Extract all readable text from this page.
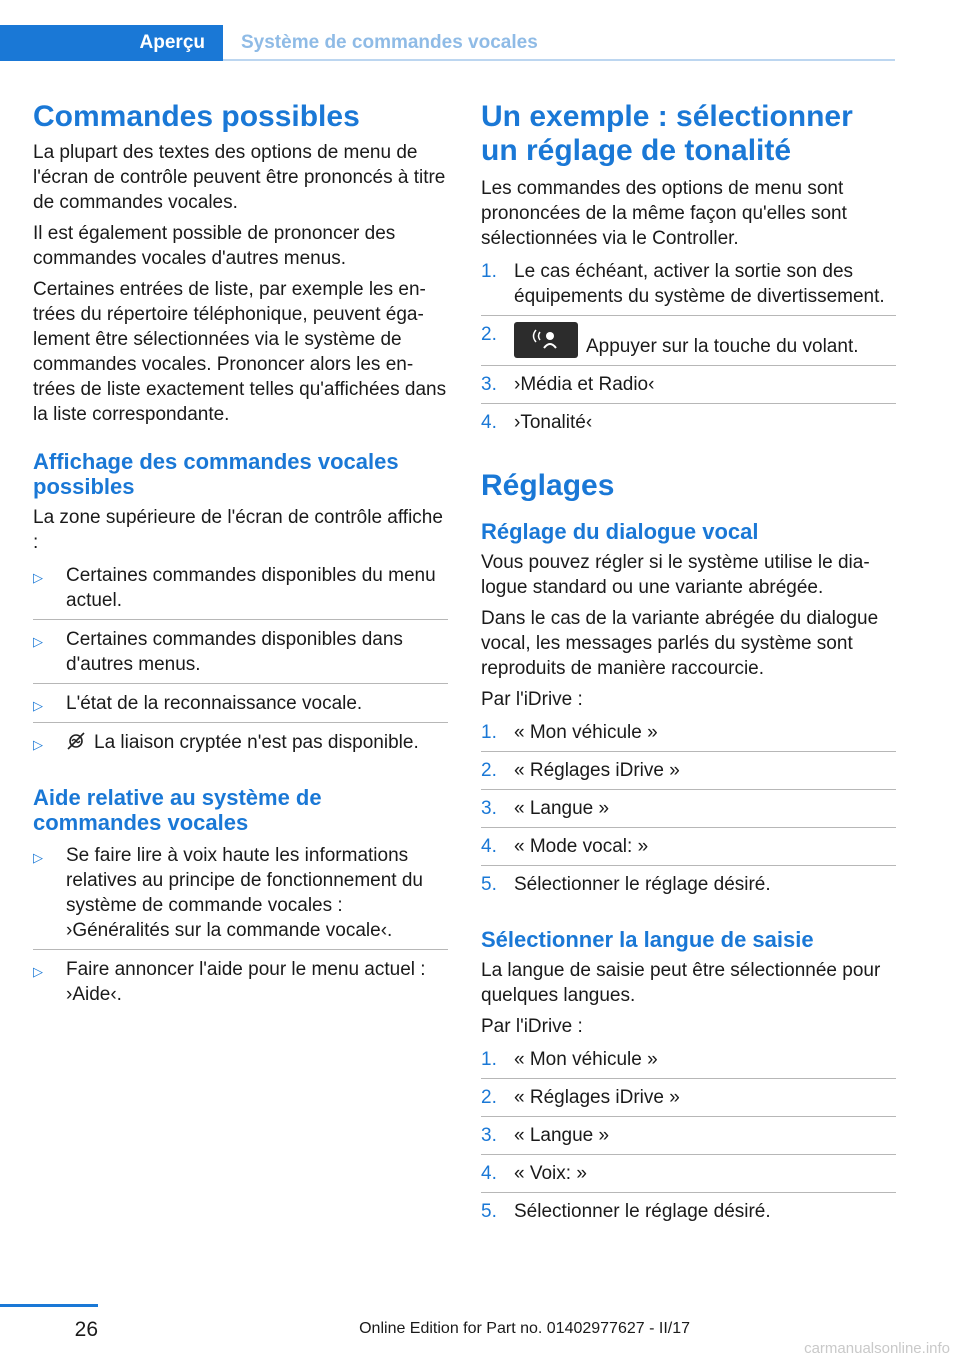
Aperçu	Système de commandes vocales
Commandes possibles

La plupart des textes des options de menu de l'écran de contrôle peuvent être prononcés à titre de commandes vocales.

Il est également possible de prononcer des commandes vocales d'autres menus.

Certaines entrées de liste, par exemple les entrées du répertoire téléphonique, peuvent également être sélectionnées via le système de commandes vocales. Prononcer alors les entrées de liste exactement telles qu'affichées dans la liste correspondante.

Affichage des commandes vocales possibles

La zone supérieure de l'écran de contrôle affiche :

▷ Certaines commandes disponibles du menu actuel.
▷ Certaines commandes disponibles dans d'autres menus.
▷ L'état de la reconnaissance vocale.
▷	La liaison cryptée n'est pas disponible.
Aide relative au système de commandes vocales
▷ Se faire lire à voix haute les informations relatives au principe de fonctionnement du système de commande vocales : ›Généralités sur la commande vocale‹.
▷ Faire annoncer l'aide pour le menu actuel : ›Aide‹.
Un exemple : sélectionner un réglage de tonalité

Les commandes des options de menu sont prononcées de la même façon qu'elles sont sélectionnées via le Controller.

1. Le cas échéant, activer la sortie son des équipements du système de divertissement.
2.
Appuyer sur la touche du volant.
3. ›Média et Radio‹
4. ›Tonalité‹
Réglages
Réglage du dialogue vocal

Vous pouvez régler si le système utilise le dialogue standard ou une variante abrégée.

Dans le cas de la variante abrégée du dialogue vocal, les messages parlés du système sont reproduits de manière raccourcie.

Par l'iDrive :

1. « Mon véhicule »
2. « Réglages iDrive »
3. « Langue »
4. « Mode vocal: »
5. Sélectionner le réglage désiré.
Sélectionner la langue de saisie

La langue de saisie peut être sélectionnée pour quelques langues.

Par l'iDrive :

1. « Mon véhicule »
2. « Réglages iDrive »
3. « Langue »
4. « Voix: »
5. Sélectionner le réglage désiré.
26	Online Edition for Part no. 01402977627 - II/17
carmanualsonline.info
